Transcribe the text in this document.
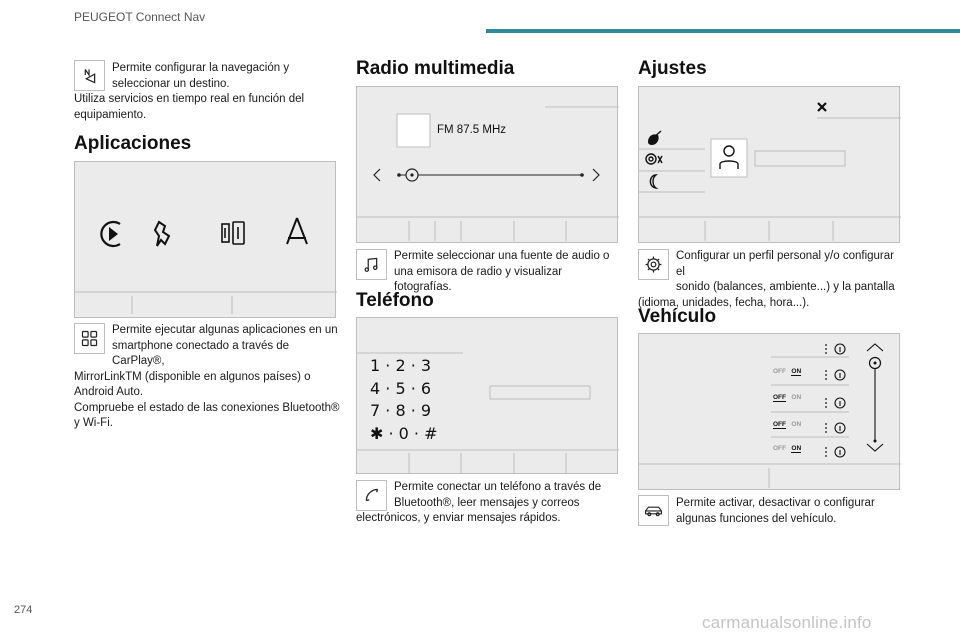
PEUGEOT Connect Nav

Permite configurar la navegación y
seleccionar un destino.
Utiliza servicios en tiempo real en función del
equipamiento.

Aplicaciones

Permite ejecutar algunas aplicaciones en un
smartphone conectado a través de CarPlay®,
MirrorLinkTM (disponible en algunos países) o
Android Auto.
Compruebe el estado de las conexiones Bluetooth®
y Wi-Fi.

Radio multimedia
FM 87.5 MHz

Permite seleccionar una fuente de audio o
una emisora de radio y visualizar fotografías.

Teléfono
1 · 2 · 3
4 · 5 · 6
7 · 8 · 9
✱ · 0 · #

Permite conectar un teléfono a través de
Bluetooth®, leer mensajes y correos
electrónicos, y enviar mensajes rápidos.

Ajustes

Configurar un perfil personal y/o configurar el
sonido (balances, ambiente...) y la pantalla
(idioma, unidades, fecha, hora...).

Vehículo
OFF ON
OFF ON
OFF ON
OFF ON

Permite activar, desactivar o configurar
algunas funciones del vehículo.

274
carmanualsonline.info
